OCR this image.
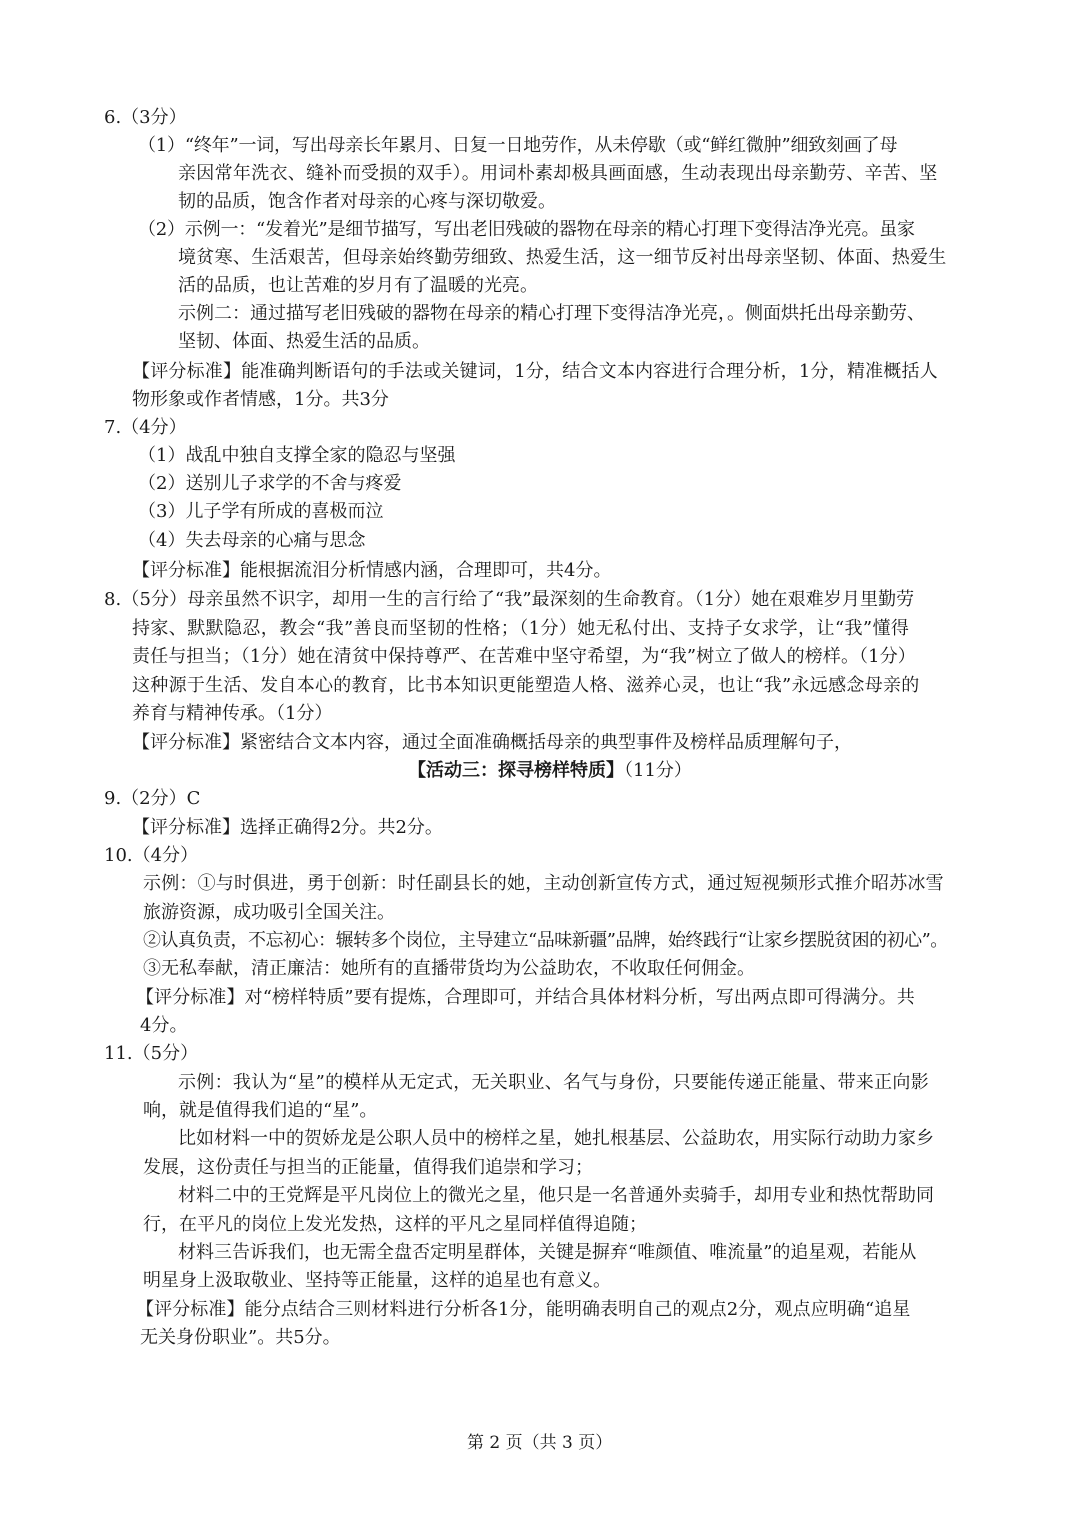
6.（3分）
（1）“终年”一词，写出母亲长年累月、日复一日地劳作，从未停歇（或“鲜红微肿”细致刻画了母
亲因常年洗衣、缝补而受损的双手）。用词朴素却极具画面感，生动表现出母亲勤劳、辛苦、坚
韧的品质，饱含作者对母亲的心疼与深切敬爱。
（2）示例一：“发着光”是细节描写，写出老旧残破的器物在母亲的精心打理下变得洁净光亮。虽家
境贫寒、生活艰苦，但母亲始终勤劳细致、热爱生活，这一细节反衬出母亲坚韧、体面、热爱生
活的品质，也让苦难的岁月有了温暖的光亮。
示例二：通过描写老旧残破的器物在母亲的精心打理下变得洁净光亮，。侧面烘托出母亲勤劳、
坚韧、体面、热爱生活的品质。
【评分标准】能准确判断语句的手法或关键词，1分，结合文本内容进行合理分析，1分，精准概括人
物形象或作者情感，1分。共3分
7.（4分）
（1）战乱中独自支撑全家的隐忍与坚强
（2）送别儿子求学的不舍与疼爱
（3）儿子学有所成的喜极而泣
（4）失去母亲的心痛与思念
【评分标准】能根据流泪分析情感内涵，合理即可，共4分。
8.（5分）母亲虽然不识字，却用一生的言行给了“我”最深刻的生命教育。（1分）她在艰难岁月里勤劳
持家、默默隐忍，教会“我”善良而坚韧的性格；（1分）她无私付出、支持子女求学，让“我”懂得
责任与担当；（1分）她在清贫中保持尊严、在苦难中坚守希望，为“我”树立了做人的榜样。（1分）
这种源于生活、发自本心的教育，比书本知识更能塑造人格、滋养心灵，也让“我”永远感念母亲的
养育与精神传承。（1分）
【评分标准】紧密结合文本内容，通过全面准确概括母亲的典型事件及榜样品质理解句子，
【活动三：探寻榜样特质】（11分）
9.（2分）C
【评分标准】选择正确得2分。共2分。
10.（4分）
示例：①与时俱进，勇于创新：时任副县长的她，主动创新宣传方式，通过短视频形式推介昭苏冰雪
旅游资源，成功吸引全国关注。
②认真负责，不忘初心：辗转多个岗位，主导建立“品味新疆”品牌，始终践行“让家乡摆脱贫困的初心”。
③无私奉献，清正廉洁：她所有的直播带货均为公益助农，不收取任何佣金。
【评分标准】对“榜样特质”要有提炼，合理即可，并结合具体材料分析，写出两点即可得满分。共
4分。
11.（5分）
示例：我认为“星”的模样从无定式，无关职业、名气与身份，只要能传递正能量、带来正向影
响，就是值得我们追的“星”。
比如材料一中的贺娇龙是公职人员中的榜样之星，她扎根基层、公益助农，用实际行动助力家乡
发展，这份责任与担当的正能量，值得我们追崇和学习；
材料二中的王党辉是平凡岗位上的微光之星，他只是一名普通外卖骑手，却用专业和热忱帮助同
行，在平凡的岗位上发光发热，这样的平凡之星同样值得追随；
材料三告诉我们，也无需全盘否定明星群体，关键是摒弃“唯颜值、唯流量”的追星观，若能从
明星身上汲取敬业、坚持等正能量，这样的追星也有意义。
【评分标准】能分点结合三则材料进行分析各1分，能明确表明自己的观点2分，观点应明确“追星
无关身份职业”。共5分。
第 2 页（共 3 页）
